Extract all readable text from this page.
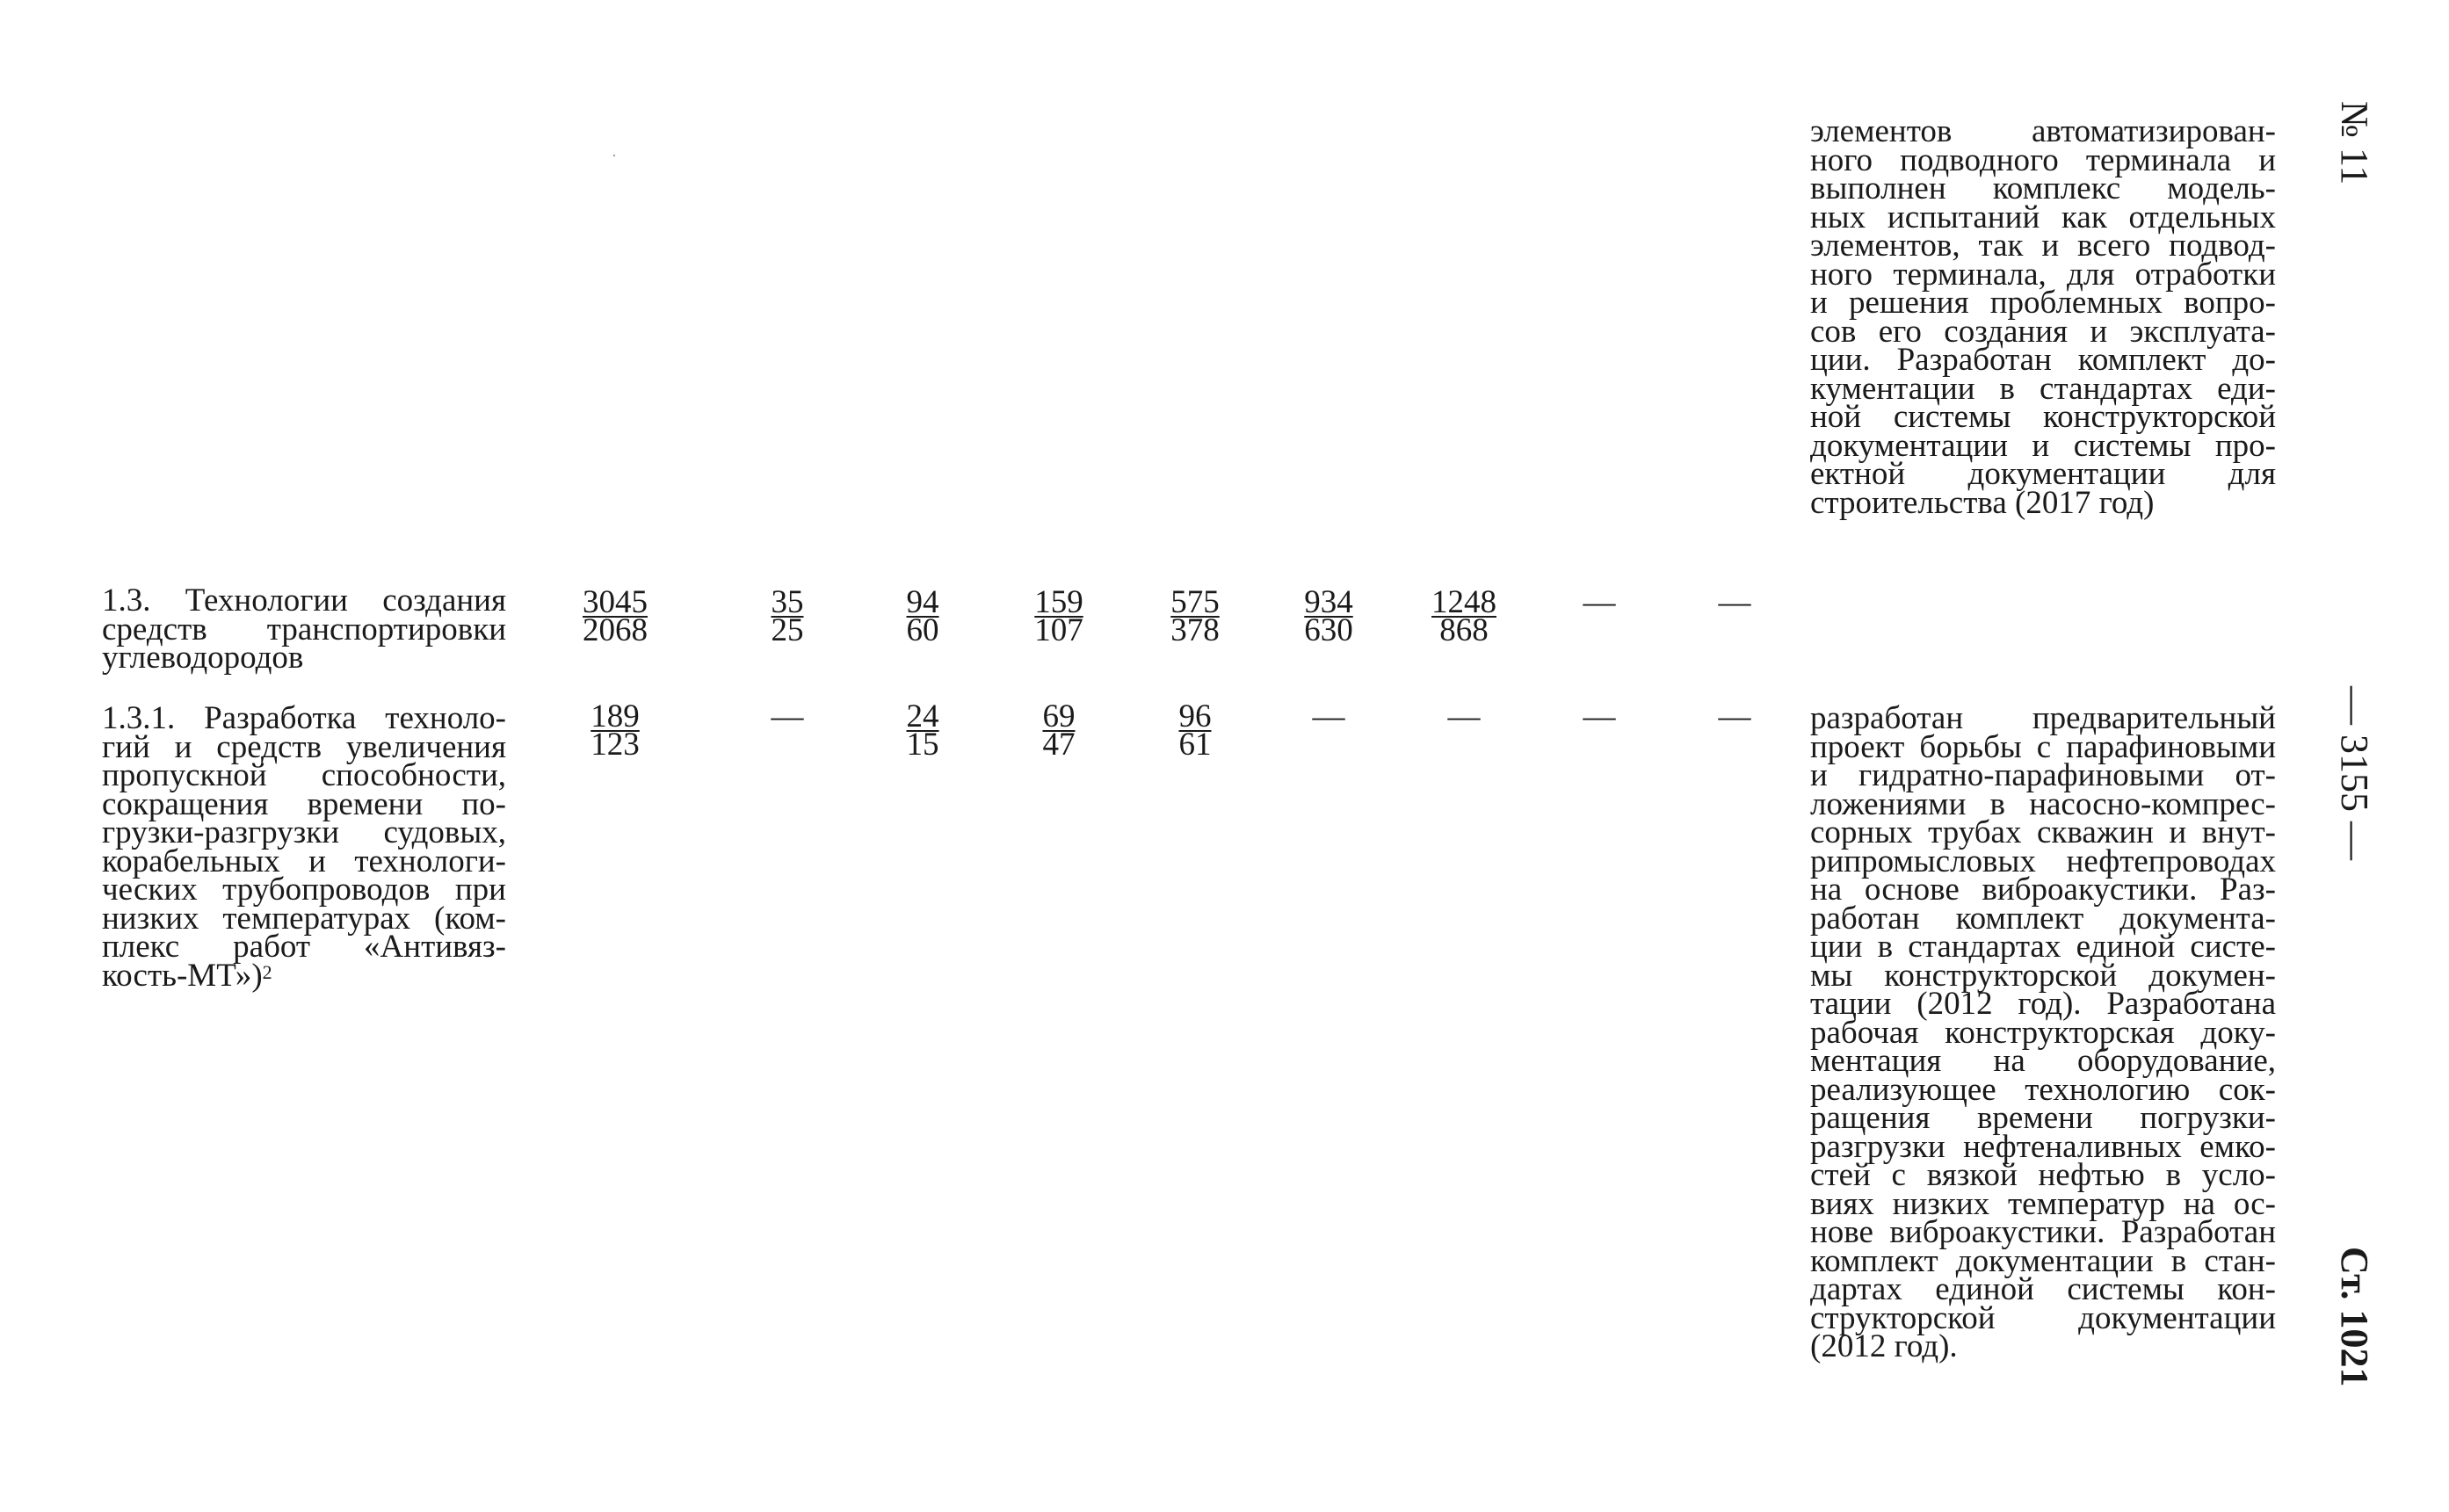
№ 11
— 3155 —
Ст. 1021
элементов автоматизирован-
ного подводного терминала и
выполнен комплекс модель-
ных испытаний как отдельных
элементов, так и всего подвод-
ного терминала, для отработки
и решения проблемных вопро-
сов его создания и эксплуата-
ции. Разработан комплект до-
кументации в стандартах еди-
ной системы конструкторской
документации и системы про-
ектной документации для
строительства (2017 год)
1.3. Технологии создания
средств транспортировки
углеводородов
$\frac{3045}{2068}$	$\frac{35}{25} \frac{94}{60} \frac{159}{107} \frac{575}{378} \frac{934}{630} \frac{1248}{868}$	—	—
1.3.1. Разработка техноло-
гий и средств увеличения
пропускной способности,
сокращения времени по-
грузки-разгрузки судовых,
корабельных и технологи-
ческих трубопроводов при
низких температурах (ком-
плекс работ «Антивяз-
кость-МТ»)$^2$
$\frac{189}{123}$	—	$\frac{24}{15} \frac{69}{47} \frac{96}{61}$	—	—	—	—	разработан предварительный
проект борьбы с парафиновыми
и гидратно-парафиновыми от-
ложениями в насосно-компрес-
сорных трубах скважин и внут-
рипромысловых нефтепроводах
на основе виброакустики. Раз-
работан комплект документа-
ции в стандартах единой систе-
мы конструкторской докумен-
тации (2012 год). Разработана
рабочая конструкторская доку-
ментация на оборудование,
реализующее технологию сок-
ращения времени погрузки-
разгрузки нефтеналивных емко-
стей с вязкой нефтью в усло-
виях низких температур на ос-
нове виброакустики. Разработан
комплект документации в стан-
дартах единой системы кон-
структорской документации
(2012 год).
